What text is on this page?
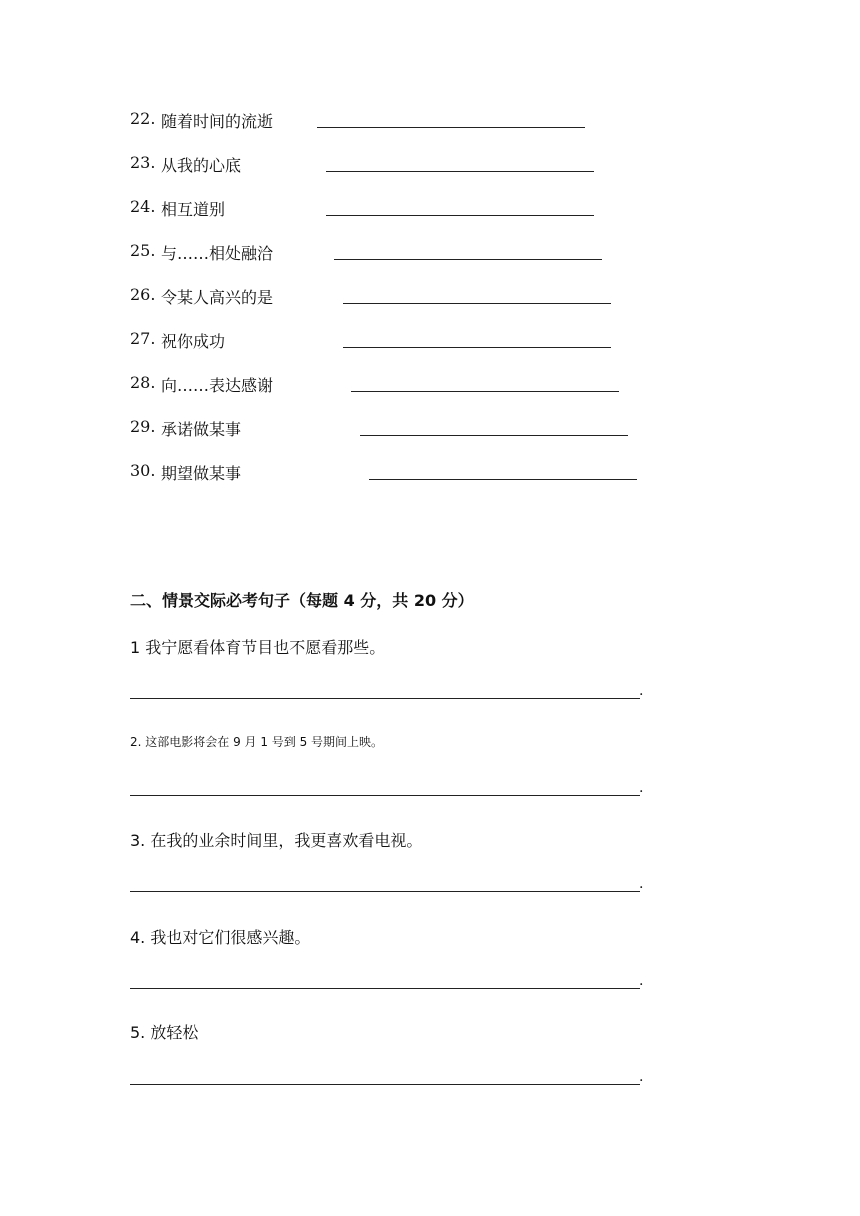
22. 随着时间的流逝
23. 从我的心底
24. 相互道别
25. 与……相处融洽
26. 令某人高兴的是
27. 祝你成功
28. 向……表达感谢
29. 承诺做某事
30. 期望做某事
二、情景交际必考句子（每题 4 分，共 20 分）
1 我宁愿看体育节目也不愿看那些。
.
2. 这部电影将会在 9 月 1 号到 5 号期间上映。
.
3. 在我的业余时间里，我更喜欢看电视。
.
4. 我也对它们很感兴趣。
.
5. 放轻松
.
